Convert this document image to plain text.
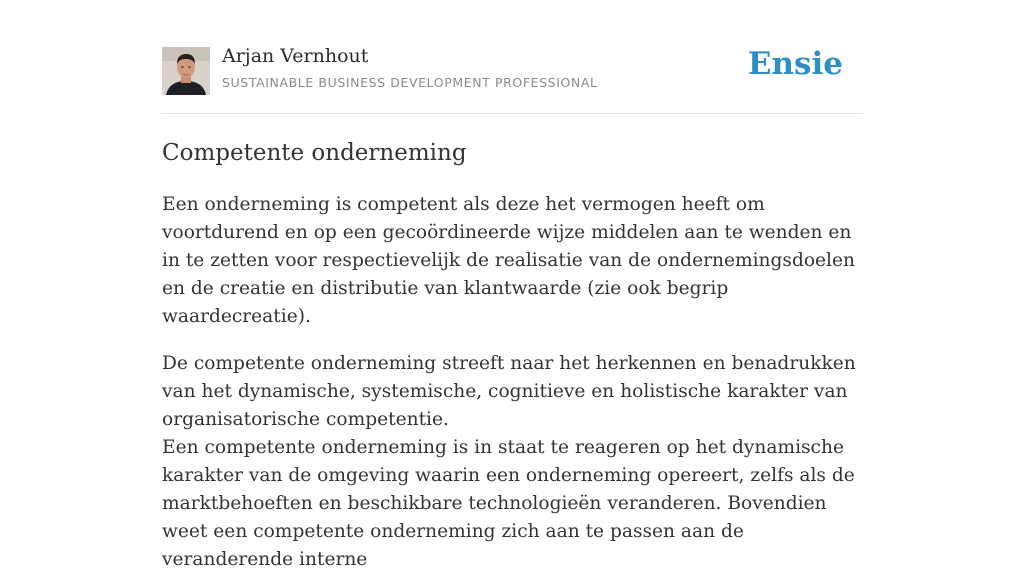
Arjan Vernhout
SUSTAINABLE BUSINESS DEVELOPMENT PROFESSIONAL
Ensie
Competente onderneming

Een onderneming is competent als deze het vermogen heeft om voortdurend en op een gecoördineerde wijze middelen aan te wenden en in te zetten voor respectievelijk de realisatie van de ondernemingsdoelen en de creatie en distributie van klantwaarde (zie ook begrip waardecreatie).

De competente onderneming streeft naar het herkennen en benadrukken van het dynamische, systemische, cognitieve en holistische karakter van organisatorische competentie.

Een competente onderneming is in staat te reageren op het dynamische karakter van de omgeving waarin een onderneming opereert, zelfs als de marktbehoeften en beschikbare technologieën veranderen. Bovendien weet een competente onderneming zich aan te passen aan de veranderende interne
